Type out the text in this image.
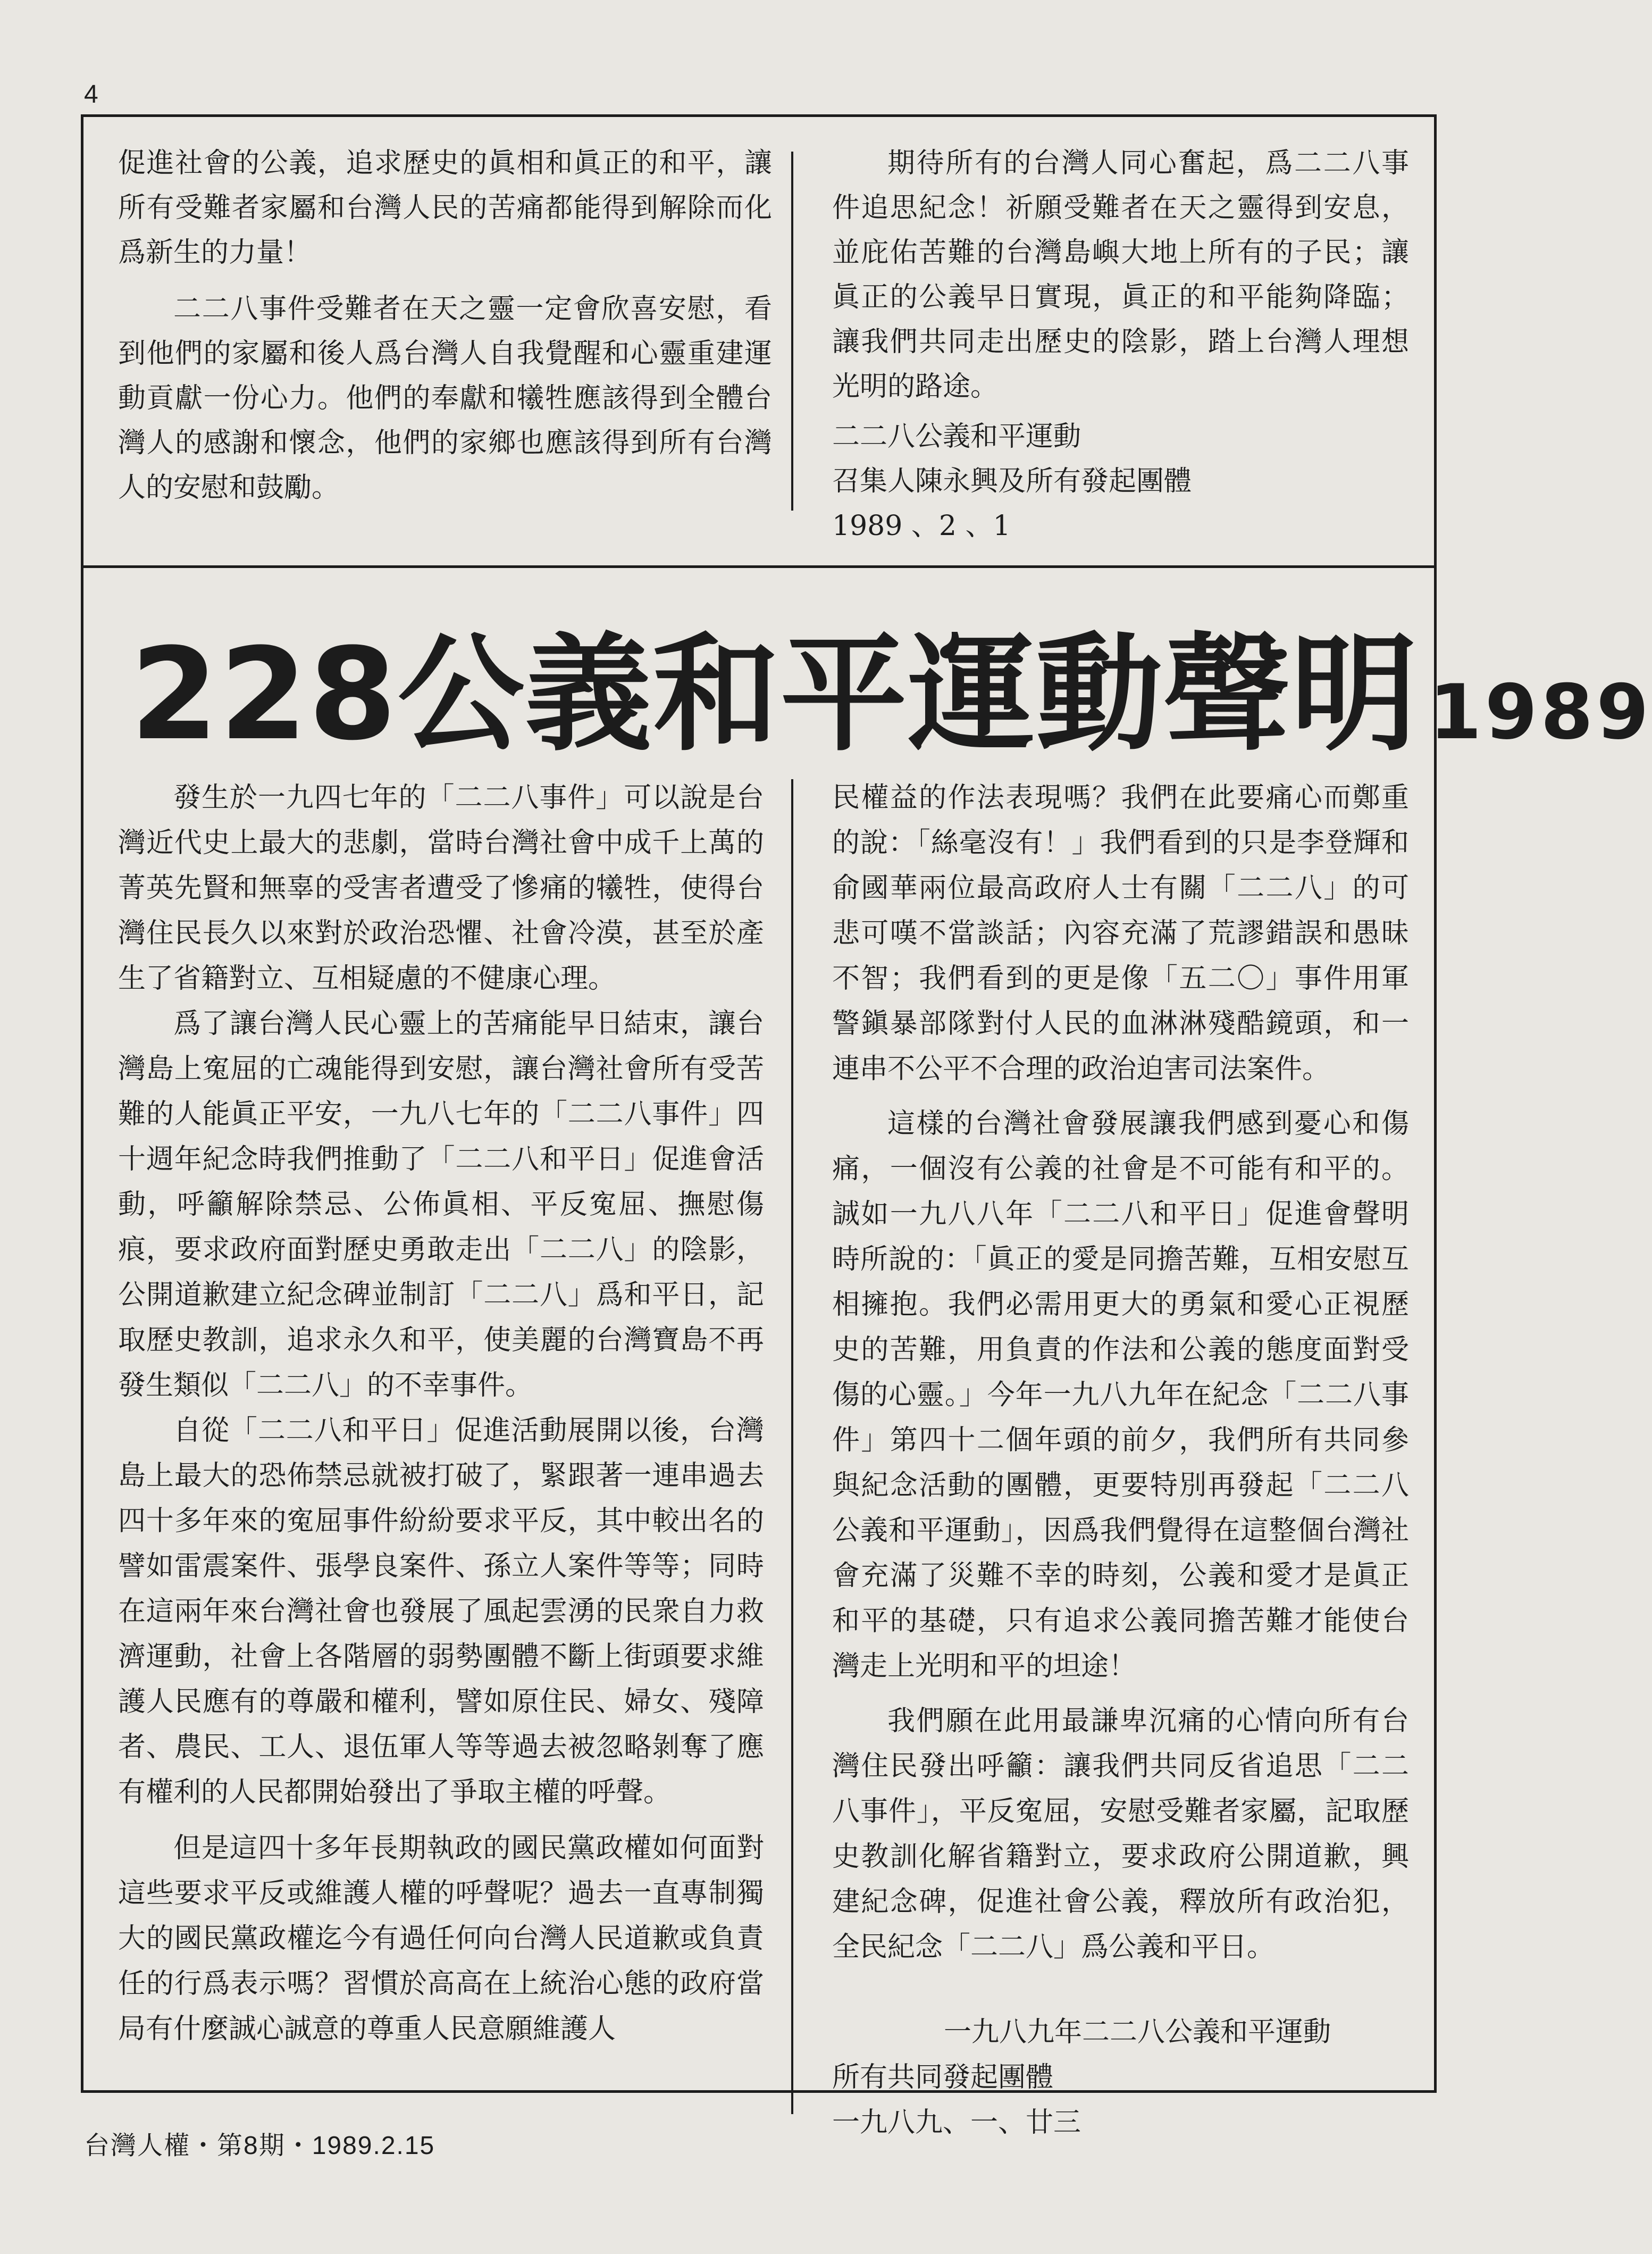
4

促進社會的公義，追求歷史的眞相和眞正的和平，讓所有受難者家屬和台灣人民的苦痛都能得到解除而化爲新生的力量！

二二八事件受難者在天之靈一定會欣喜安慰，看到他們的家屬和後人爲台灣人自我覺醒和心靈重建運動貢獻一份心力。他們的奉獻和犧牲應該得到全體台灣人的感謝和懷念，他們的家鄉也應該得到所有台灣人的安慰和鼓勵。

期待所有的台灣人同心奮起，爲二二八事件追思紀念！祈願受難者在天之靈得到安息，並庇佑苦難的台灣島嶼大地上所有的子民；讓眞正的公義早日實現，眞正的和平能夠降臨；讓我們共同走出歷史的陰影，踏上台灣人理想光明的路途。

二二八公義和平運動

召集人陳永興及所有發起團體

1989 、2 、1

228公義和平運動聲明 1989

發生於一九四七年的「二二八事件」可以說是台灣近代史上最大的悲劇，當時台灣社會中成千上萬的菁英先賢和無辜的受害者遭受了慘痛的犧牲，使得台灣住民長久以來對於政治恐懼、社會冷漠，甚至於產生了省籍對立、互相疑慮的不健康心理。

爲了讓台灣人民心靈上的苦痛能早日結束，讓台灣島上寃屈的亡魂能得到安慰，讓台灣社會所有受苦難的人能眞正平安，一九八七年的「二二八事件」四十週年紀念時我們推動了「二二八和平日」促進會活動，呼籲解除禁忌、公佈眞相、平反寃屈、撫慰傷痕，要求政府面對歷史勇敢走出「二二八」的陰影，公開道歉建立紀念碑並制訂「二二八」爲和平日，記取歷史教訓，追求永久和平，使美麗的台灣寶島不再發生類似「二二八」的不幸事件。

自從「二二八和平日」促進活動展開以後，台灣島上最大的恐佈禁忌就被打破了，緊跟著一連串過去四十多年來的寃屈事件紛紛要求平反，其中較出名的譬如雷震案件、張學良案件、孫立人案件等等；同時在這兩年來台灣社會也發展了風起雲湧的民衆自力救濟運動，社會上各階層的弱勢團體不斷上街頭要求維護人民應有的尊嚴和權利，譬如原住民、婦女、殘障者、農民、工人、退伍軍人等等過去被忽略剝奪了應有權利的人民都開始發出了爭取主權的呼聲。

但是這四十多年長期執政的國民黨政權如何面對這些要求平反或維護人權的呼聲呢？過去一直專制獨大的國民黨政權迄今有過任何向台灣人民道歉或負責任的行爲表示嗎？習慣於高高在上統治心態的政府當局有什麼誠心誠意的尊重人民意願維護人

民權益的作法表現嗎？我們在此要痛心而鄭重的說：「絲毫沒有！」我們看到的只是李登輝和俞國華兩位最高政府人士有關「二二八」的可悲可嘆不當談話；內容充滿了荒謬錯誤和愚昧不智；我們看到的更是像「五二〇」事件用軍警鎭暴部隊對付人民的血淋淋殘酷鏡頭，和一連串不公平不合理的政治迫害司法案件。

這樣的台灣社會發展讓我們感到憂心和傷痛，一個沒有公義的社會是不可能有和平的。誠如一九八八年「二二八和平日」促進會聲明時所說的：「眞正的愛是同擔苦難，互相安慰互相擁抱。我們必需用更大的勇氣和愛心正視歷史的苦難，用負責的作法和公義的態度面對受傷的心靈。」今年一九八九年在紀念「二二八事件」第四十二個年頭的前夕，我們所有共同參與紀念活動的團體，更要特別再發起「二二八公義和平運動」，因爲我們覺得在這整個台灣社會充滿了災難不幸的時刻，公義和愛才是眞正和平的基礎，只有追求公義同擔苦難才能使台灣走上光明和平的坦途！

我們願在此用最謙卑沉痛的心情向所有台灣住民發出呼籲：讓我們共同反省追思「二二八事件」，平反寃屈，安慰受難者家屬，記取歷史教訓化解省籍對立，要求政府公開道歉，興建紀念碑，促進社會公義，釋放所有政治犯，全民紀念「二二八」爲公義和平日。

一九八九年二二八公義和平運動

所有共同發起團體

一九八九、一、廿三

台灣人權・第8期・1989.2.15
